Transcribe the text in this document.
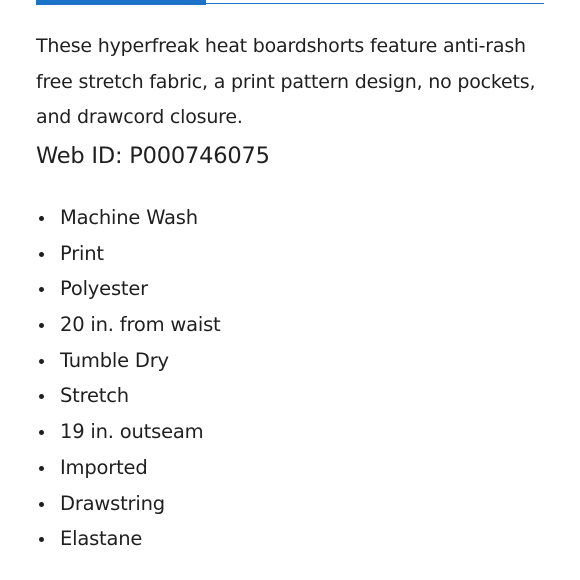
These hyperfreak heat boardshorts feature anti-rash free stretch fabric, a print pattern design, no pockets, and drawcord closure.

Web ID: P000746075

Machine Wash
Print
Polyester
20 in. from waist
Tumble Dry
Stretch
19 in. outseam
Imported
Drawstring
Elastane
